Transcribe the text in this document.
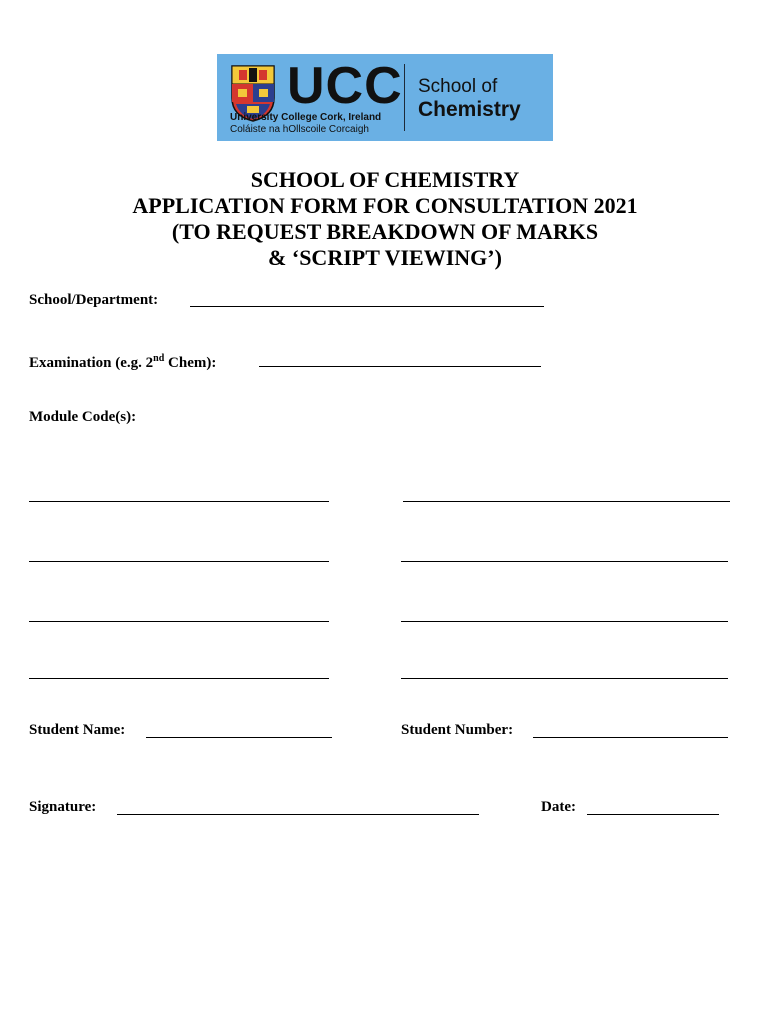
UCC
University College Cork, Ireland
Coláiste na hOllscoile Corcaigh
School of
Chemistry
SCHOOL OF CHEMISTRY
APPLICATION FORM FOR CONSULTATION 2021
(TO REQUEST BREAKDOWN OF MARKS
& ‘SCRIPT VIEWING’)
School/Department:
Examination (e.g. 2nd Chem):
Module Code(s):
Student Name:	Student Number:
Signature:	Date:
